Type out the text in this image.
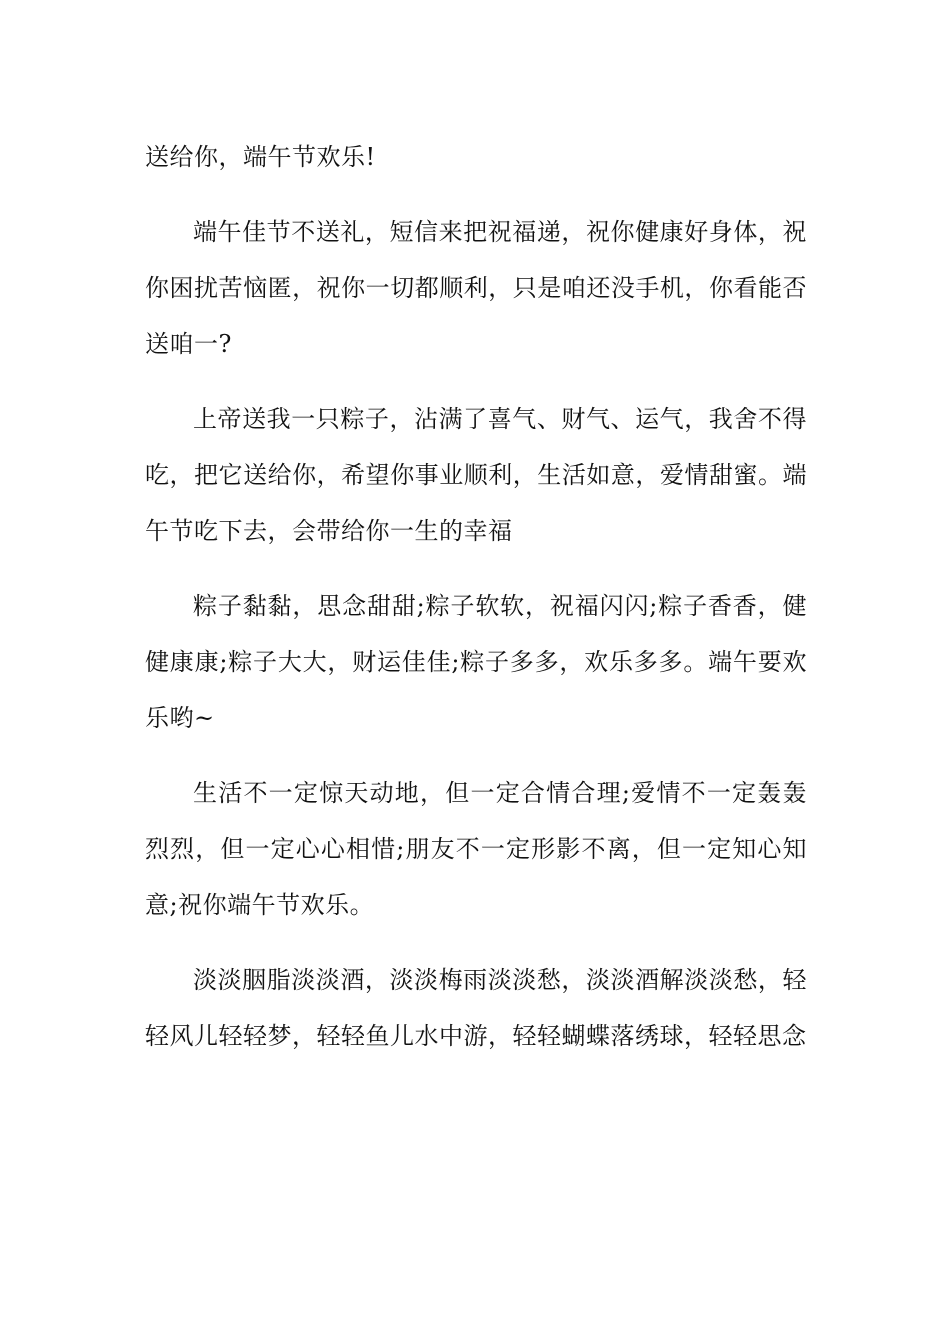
送给你，端午节欢乐!

端午佳节不送礼，短信来把祝福递，祝你健康好身体，祝你困扰苦恼匿，祝你一切都顺利，只是咱还没手机，你看能否送咱一?

上帝送我一只粽子，沾满了喜气、财气、运气，我舍不得吃，把它送给你，希望你事业顺利，生活如意，爱情甜蜜。端午节吃下去，会带给你一生的幸福

粽子黏黏，思念甜甜;粽子软软，祝福闪闪;粽子香香，健健康康;粽子大大，财运佳佳;粽子多多，欢乐多多。端午要欢乐哟~

生活不一定惊天动地，但一定合情合理;爱情不一定轰轰烈烈，但一定心心相惜;朋友不一定形影不离，但一定知心知意;祝你端午节欢乐。

淡淡胭脂淡淡酒，淡淡梅雨淡淡愁，淡淡酒解淡淡愁，轻轻风儿轻轻梦，轻轻鱼儿水中游，轻轻蝴蝶落绣球，轻轻思念
